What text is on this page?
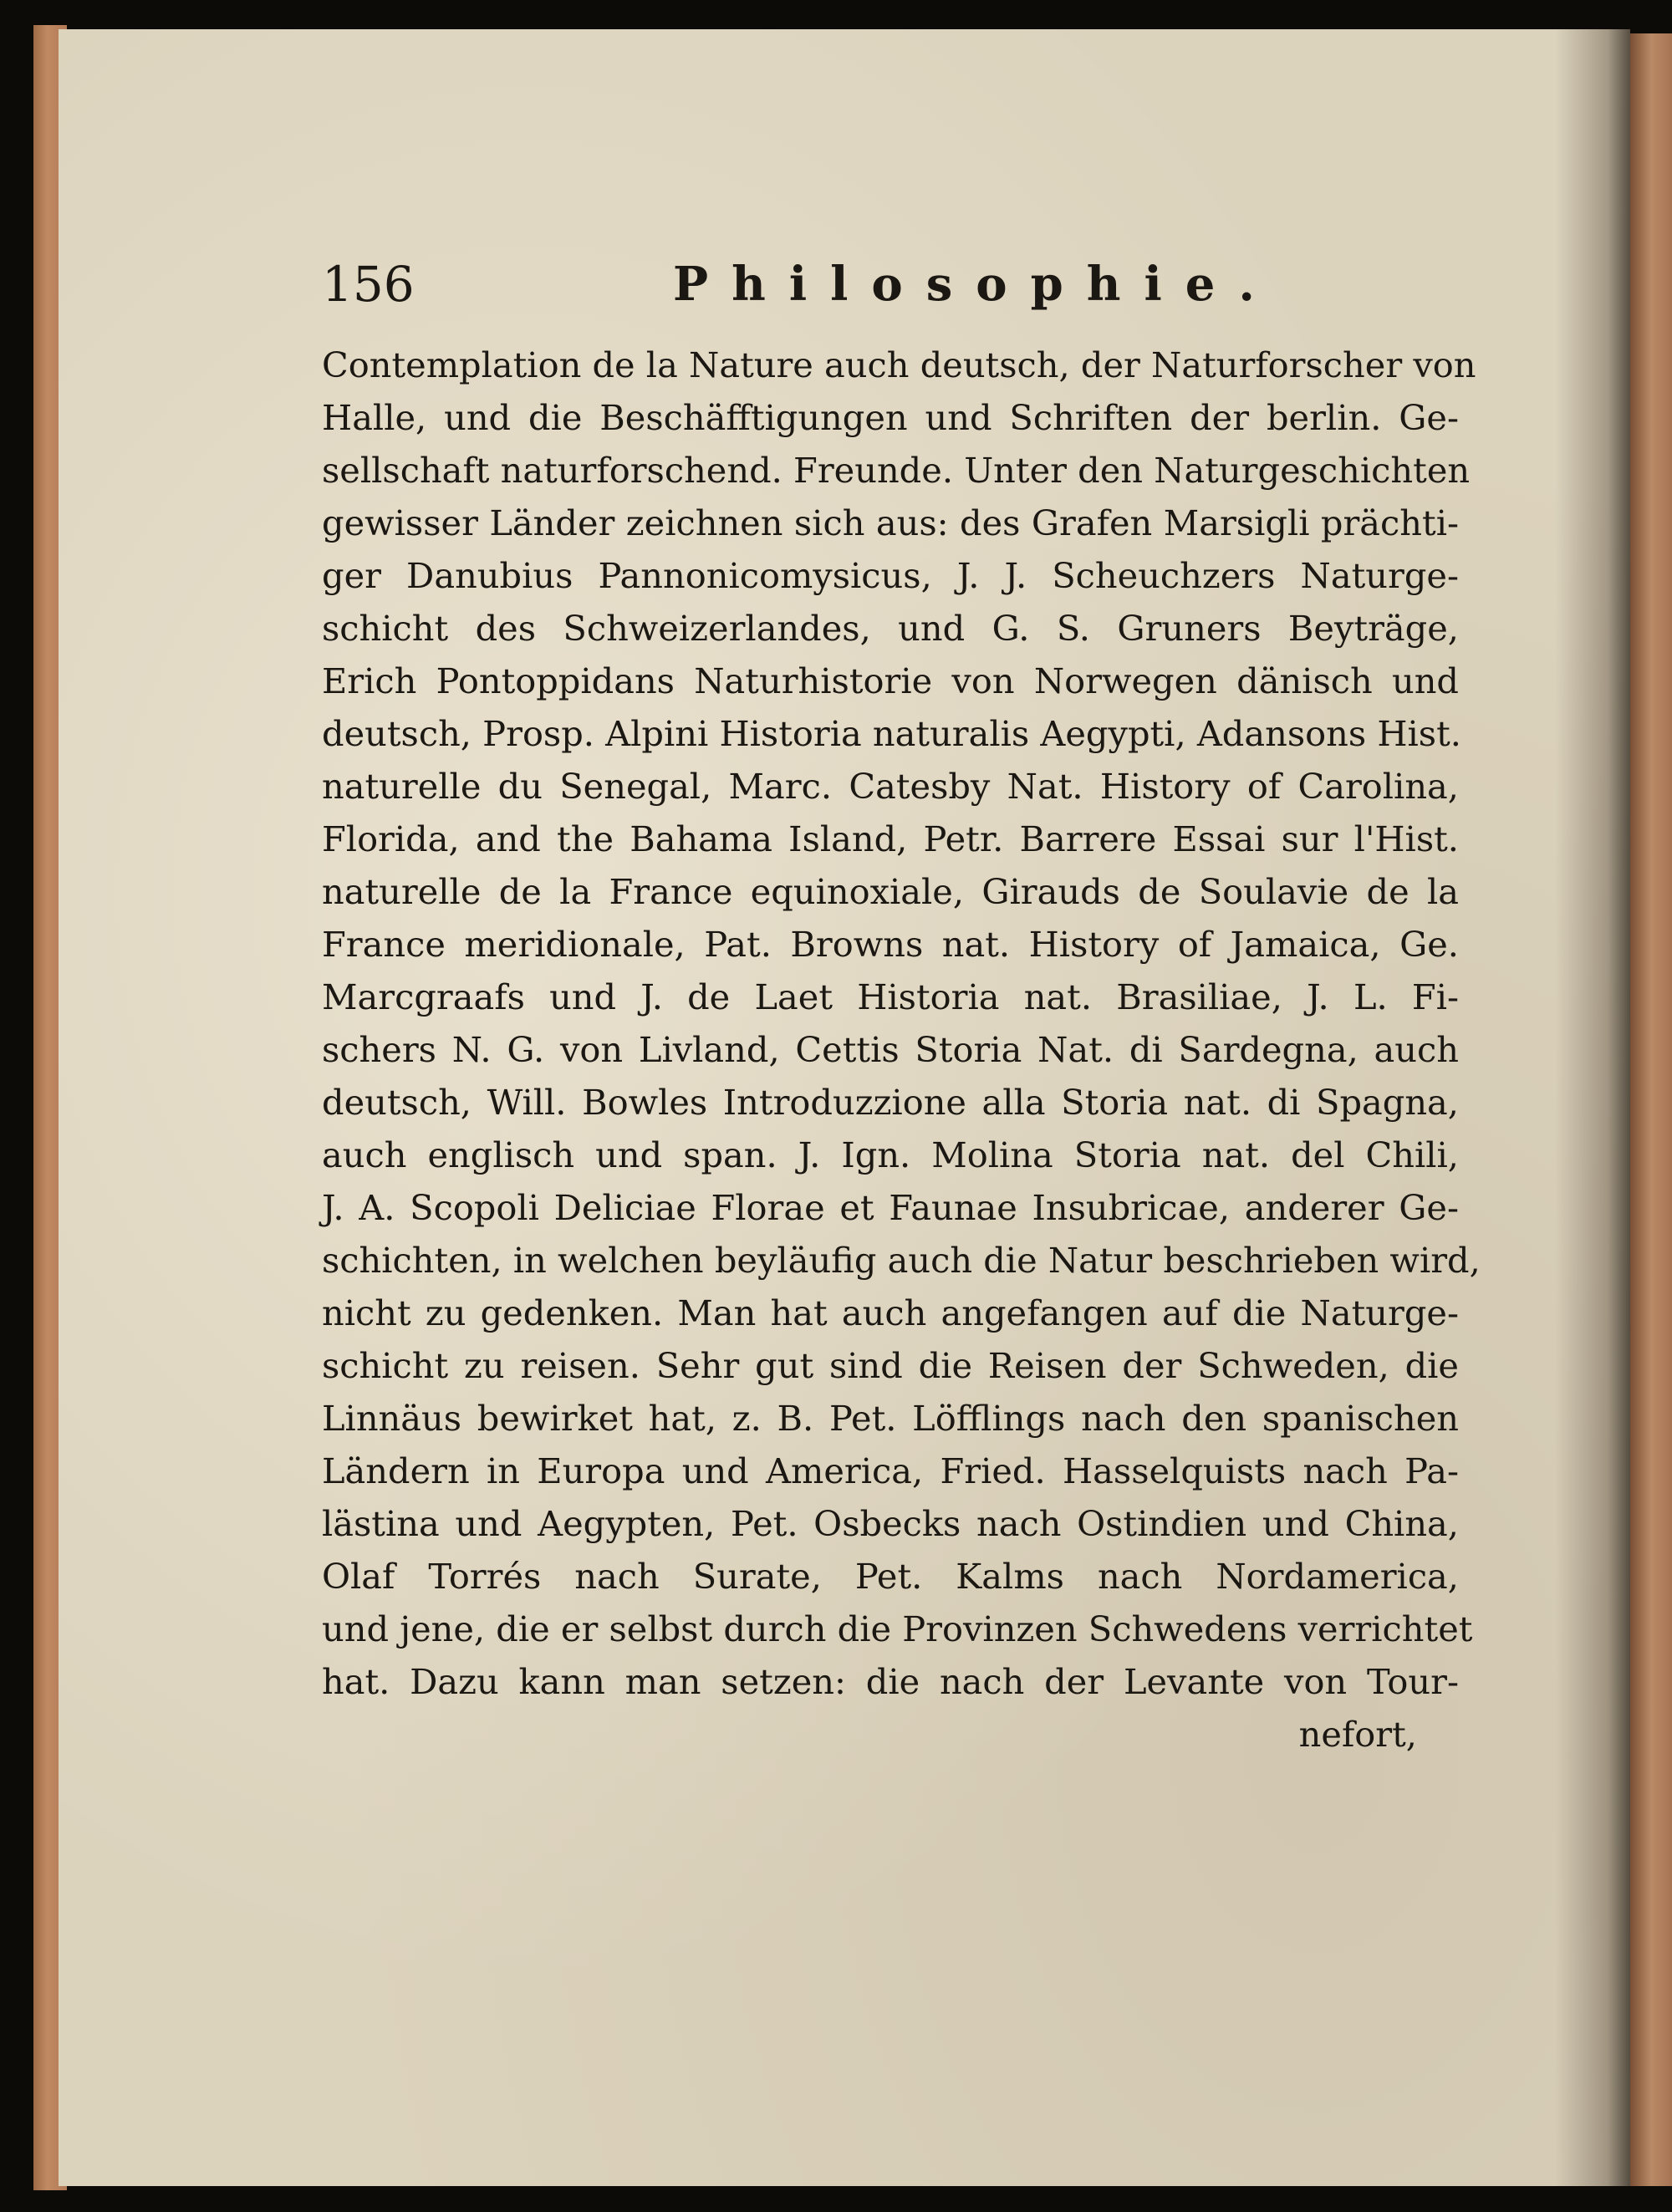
156	Philosophie.
Contemplation de la Nature auch deutsch, der Naturforscher von
Halle, und die Beschäfftigungen und Schriften der berlin. Ge-
sellschaft naturforschend. Freunde. Unter den Naturgeschichten
gewisser Länder zeichnen sich aus: des Grafen Marsigli prächti-
ger Danubius Pannonicomysicus, J. J. Scheuchzers Naturge-
schicht des Schweizerlandes, und G. S. Gruners Beyträge,
Erich Pontoppidans Naturhistorie von Norwegen dänisch und
deutsch, Prosp. Alpini Historia naturalis Aegypti, Adansons Hist.
naturelle du Senegal, Marc. Catesby Nat. History of Carolina,
Florida, and the Bahama Island, Petr. Barrere Essai sur l'Hist.
naturelle de la France equinoxiale, Girauds de Soulavie de la
France meridionale, Pat. Browns nat. History of Jamaica, Ge.
Marcgraafs und J. de Laet Historia nat. Brasiliae, J. L. Fi-
schers N. G. von Livland, Cettis Storia Nat. di Sardegna, auch
deutsch, Will. Bowles Introduzzione alla Storia nat. di Spagna,
auch englisch und span. J. Ign. Molina Storia nat. del Chili,
J. A. Scopoli Deliciae Florae et Faunae Insubricae, anderer Ge-
schichten, in welchen beyläufig auch die Natur beschrieben wird,
nicht zu gedenken. Man hat auch angefangen auf die Naturge-
schicht zu reisen. Sehr gut sind die Reisen der Schweden, die
Linnäus bewirket hat, z. B. Pet. Löfflings nach den spanischen
Ländern in Europa und America, Fried. Hasselquists nach Pa-
lästina und Aegypten, Pet. Osbecks nach Ostindien und China,
Olaf Torrés nach Surate, Pet. Kalms nach Nordamerica,
und jene, die er selbst durch die Provinzen Schwedens verrichtet
hat. Dazu kann man setzen: die nach der Levante von Tour-
nefort,
